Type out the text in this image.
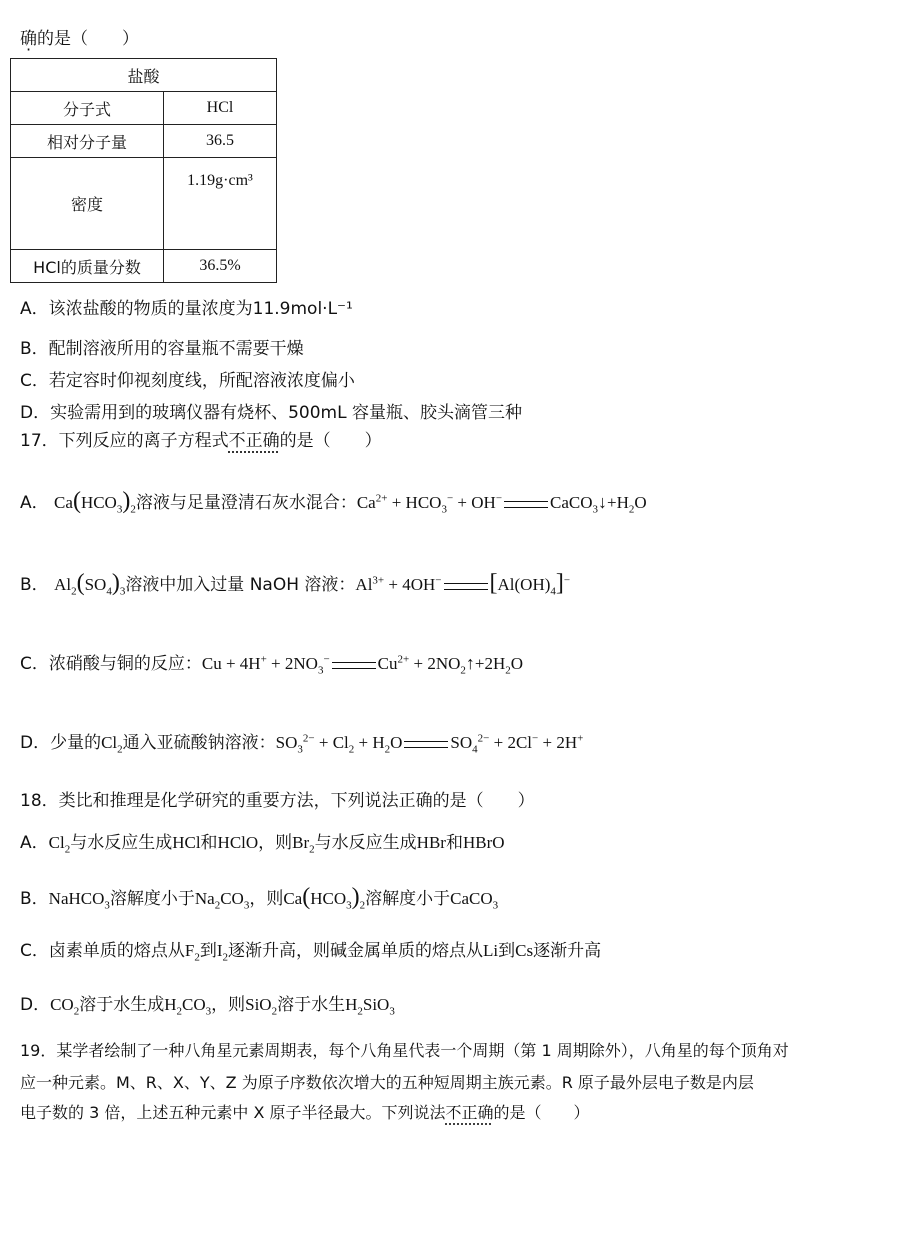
确的是（　　）
盐酸	
分子式	HCl
相对分子量	36.5
密度	1.19g·cm³
HCl的质量分数	36.5%
A．该浓盐酸的物质的量浓度为11.9mol·L⁻¹
B．配制溶液所用的容量瓶不需要干燥
C．若定容时仰视刻度线，所配溶液浓度偏小
D．实验需用到的玻璃仪器有烧杯、500mL 容量瓶、胶头滴管三种
17．下列反应的离子方程式不正确的是（　　）
A． $Ca(HCO_3)_2$溶液与足量澄清石灰水混合：$Ca^{2+} + HCO_3^- + OH^-$	$CaCO_3↓+H_2O$
B． $Al_2(SO_4)_3$溶液中加入过量 NaOH 溶液：$Al^{3+} + 4OH^-$ $[Al(OH)_4]^-$
C．浓硝酸与铜的反应：$Cu + 4H^+ + 2NO_3^-$	$Cu^{2+}$ + $2NO_2↑+2H_2O$
D．少量的$Cl_2$通入亚硫酸钠溶液：$SO_3^{2-} + Cl_2 + H_2O$	$SO_4^{2-} + 2Cl^- + 2H^+$
18．类比和推理是化学研究的重要方法，下列说法正确的是（　　）
A．$Cl_2$与水反应生成HCl和HClO，则$Br_2$与水反应生成HBr和HBrO
B．NaHCO$_3$溶解度小于$Na_2CO_3$，则$Ca(HCO_3)_2$溶解度小于CaCO$_3$
C．卤素单质的熔点从$F_2$到$I_2$逐渐升高，则碱金属单质的熔点从Li到Cs逐渐升高
D．$CO_2$溶于水生成$H_2CO_3$，则SiO$_2$溶于水生$H_2SiO_3$
19．某学者绘制了一种八角星元素周期表，每个八角星代表一个周期（第 1 周期除外），八角星的每个顶角对
应一种元素。M、R、X、Y、Z 为原子序数依次增大的五种短周期主族元素。R 原子最外层电子数是内层
电子数的 3 倍，上述五种元素中 X 原子半径最大。下列说法不正确的是（　　）
